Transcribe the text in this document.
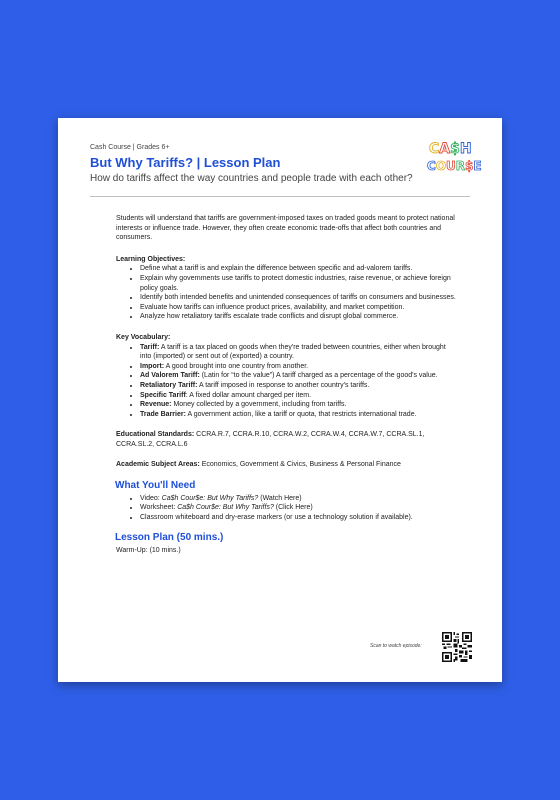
Cash Course | Grades 6+
But Why Tariffs? | Lesson Plan
How do tariffs affect the way countries and people trade with each other?
CA$H
COUR$E

Students will understand that tariffs are government-imposed taxes on traded goods meant to protect national interests or influence trade. However, they often create economic trade-offs that affect both countries and consumers.

Learning Objectives:

• Define what a tariff is and explain the difference between specific and ad-valorem tariffs.
• Explain why governments use tariffs to protect domestic industries, raise revenue, or achieve foreign policy goals.
• Identify both intended benefits and unintended consequences of tariffs on consumers and businesses.
• Evaluate how tariffs can influence product prices, availability, and market competition.
• Analyze how retaliatory tariffs escalate trade conflicts and disrupt global commerce.

Key Vocabulary:

• Tariff: A tariff is a tax placed on goods when they're traded between countries, either when brought into (imported) or sent out of (exported) a country.
• Import: A good brought into one country from another.
• Ad Valorem Tariff: (Latin for “to the value”) A tariff charged as a percentage of the good's value.
• Retaliatory Tariff: A tariff imposed in response to another country's tariffs.
• Specific Tariff: A fixed dollar amount charged per item.
• Revenue: Money collected by a government, including from tariffs.
• Trade Barrier: A government action, like a tariff or quota, that restricts international trade.

Educational Standards: CCRA.R.7, CCRA.R.10, CCRA.W.2, CCRA.W.4, CCRA.W.7, CCRA.SL.1, CCRA.SL.2, CCRA.L.6

Academic Subject Areas: Economics, Government & Civics, Business & Personal Finance

What You'll Need
• Video: Ca$h Cour$e: But Why Tariffs? (Watch Here)
• Worksheet: Ca$h Cour$e: But Why Tariffs? (Click Here)
• Classroom whiteboard and dry-erase markers (or use a technology solution if available).
Lesson Plan (50 mins.)

Warm-Up: (10 mins.)

Scan to watch episode:
